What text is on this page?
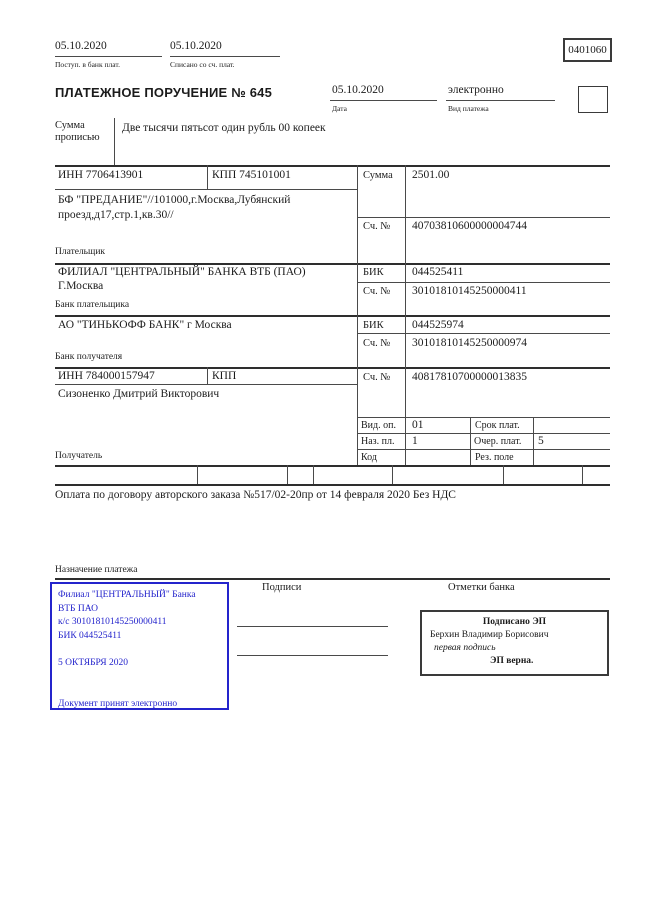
05.10.2020	05.10.2020
Поступ. в банк плат.	Списано со сч. плат.
0401060
ПЛАТЕЖНОЕ ПОРУЧЕНИЕ № 645	05.10.2020
Дата
электронно
Вид платежа
Сумма прописью
Две тысячи пятьсот один рубль 00 копеек
ИНН 7706413901	КПП 745101001
БФ "ПРЕДАНИЕ"//101000,г.Москва,Лубянский проезд,д17,стр.1,кв.30//
Плательщик
Сумма 2501.00
Сч. № 40703810600000004744
ФИЛИАЛ "ЦЕНТРАЛЬНЫЙ" БАНКА ВТБ (ПАО)
Г.Москва
Банк плательщика
БИК 044525411
Сч. № 30101810145250000411
АО "ТИНЬКОФФ БАНК" г Москва
Банк получателя
БИК 044525974
Сч. № 30101810145250000974
ИНН 784000157947	КПП
Сизоненко Дмитрий Викторович
Получатель
Сч. № 40817810700000013835
Вид. оп. 01	Срок плат.
Наз. пл. 1	Очер. плат. 5
Код	Рез. поле
Оплата по договору авторского заказа №517/02-20пр от 14 февраля 2020 Без НДС
Назначение платежа
Филиал "ЦЕНТРАЛЬНЫЙ" Банка
ВТБ ПАО
к/с 30101810145250000411
БИК 044525411
5 ОКТЯБРЯ 2020
Документ принят электронно
Подписи	Отметки банка
Подписано ЭП
Берхин Владимир Борисович
первая подпись
ЭП верна.
